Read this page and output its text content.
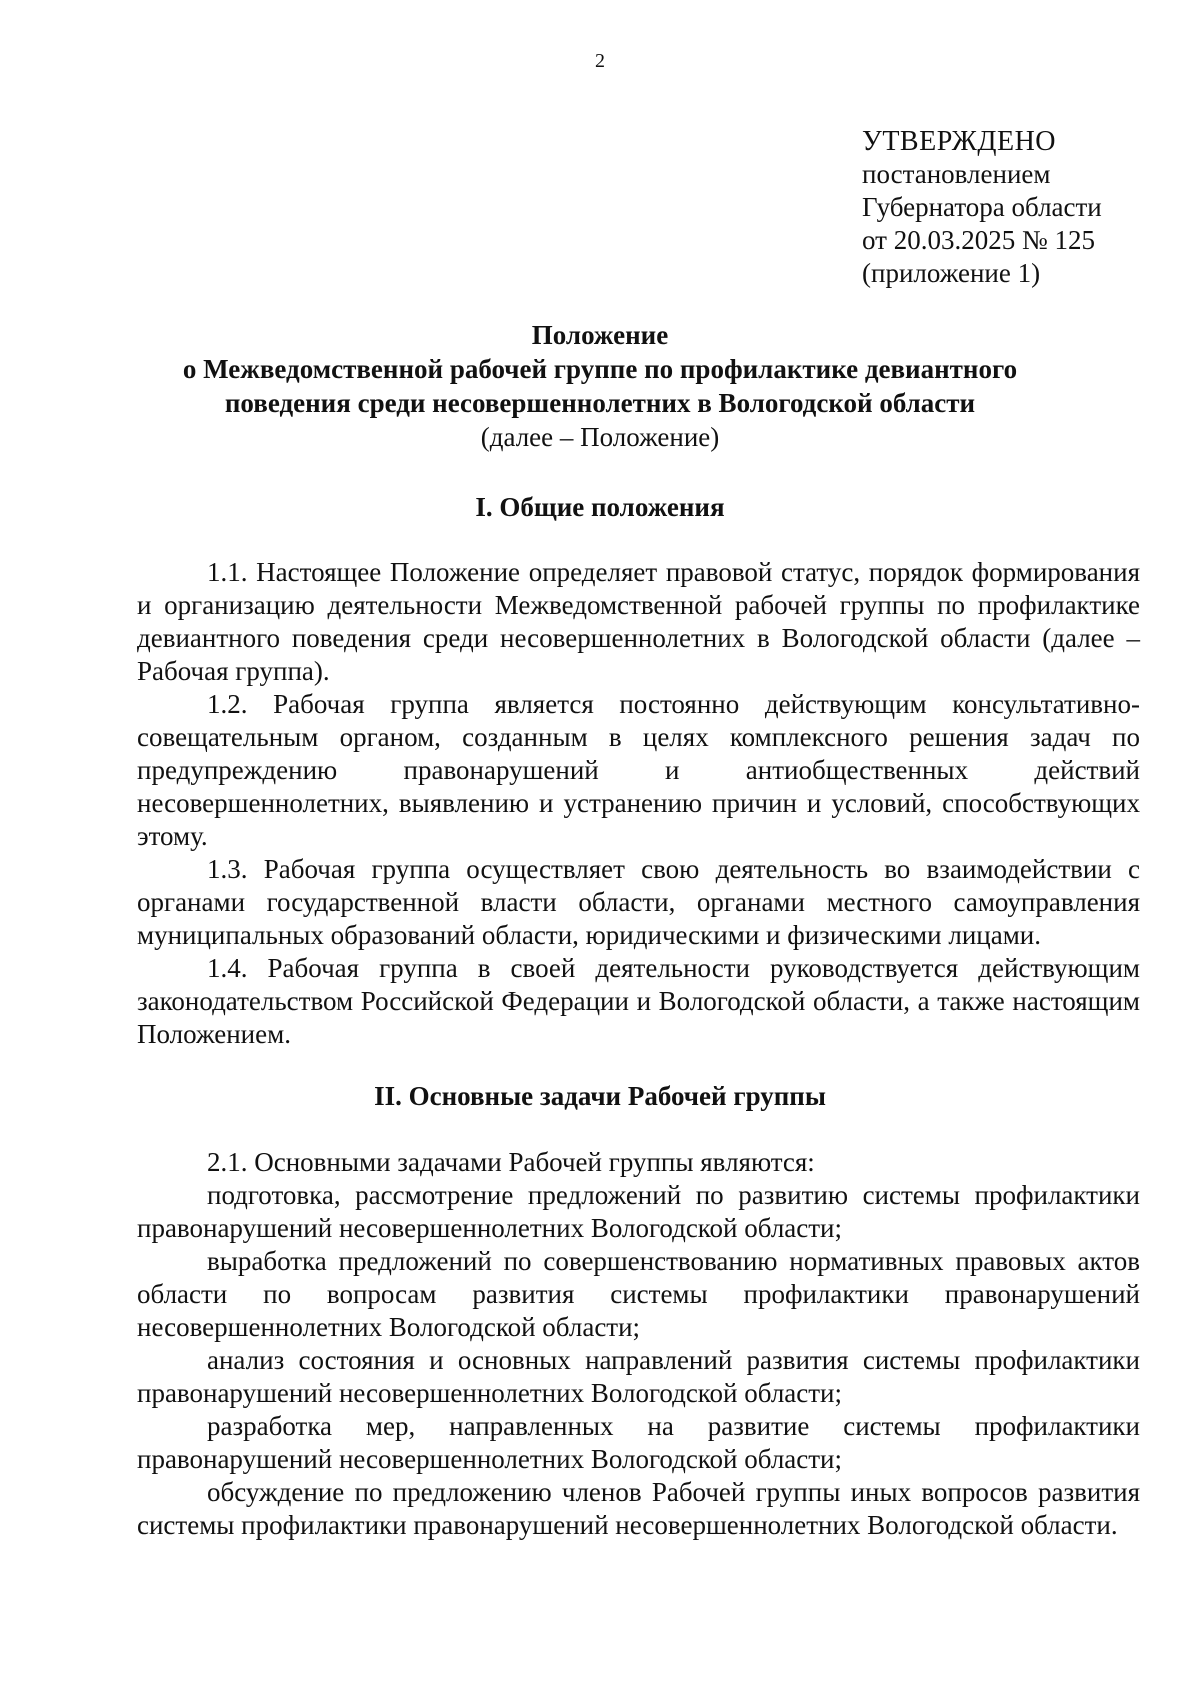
2
УТВЕРЖДЕНО
постановлением
Губернатора области
от 20.03.2025 № 125
(приложение 1)
Положение
о Межведомственной рабочей группе по профилактике девиантного
поведения среди несовершеннолетних в Вологодской области
(далее – Положение)
I. Общие положения

1.1. Настоящее Положение определяет правовой статус, порядок формирования и организацию деятельности Межведомственной рабочей группы по профилактике девиантного поведения среди несовершеннолетних в Вологодской области (далее – Рабочая группа).

1.2. Рабочая группа является постоянно действующим консультативно-совещательным органом, созданным в целях комплексного решения задач по предупреждению правонарушений и антиобщественных действий несовершеннолетних, выявлению и устранению причин и условий, способствующих этому.

1.3. Рабочая группа осуществляет свою деятельность во взаимодействии с органами государственной власти области, органами местного самоуправления муниципальных образований области, юридическими и физическими лицами.

1.4. Рабочая группа в своей деятельности руководствуется действующим законодательством Российской Федерации и Вологодской области, а также настоящим Положением.

II. Основные задачи Рабочей группы

2.1. Основными задачами Рабочей группы являются:

подготовка, рассмотрение предложений по развитию системы профилактики правонарушений несовершеннолетних Вологодской области;

выработка предложений по совершенствованию нормативных правовых актов области по вопросам развития системы профилактики правонарушений несовершеннолетних Вологодской области;

анализ состояния и основных направлений развития системы профилактики правонарушений несовершеннолетних Вологодской области;

разработка мер, направленных на развитие системы профилактики правонарушений несовершеннолетних Вологодской области;

обсуждение по предложению членов Рабочей группы иных вопросов развития системы профилактики правонарушений несовершеннолетних Вологодской области.
